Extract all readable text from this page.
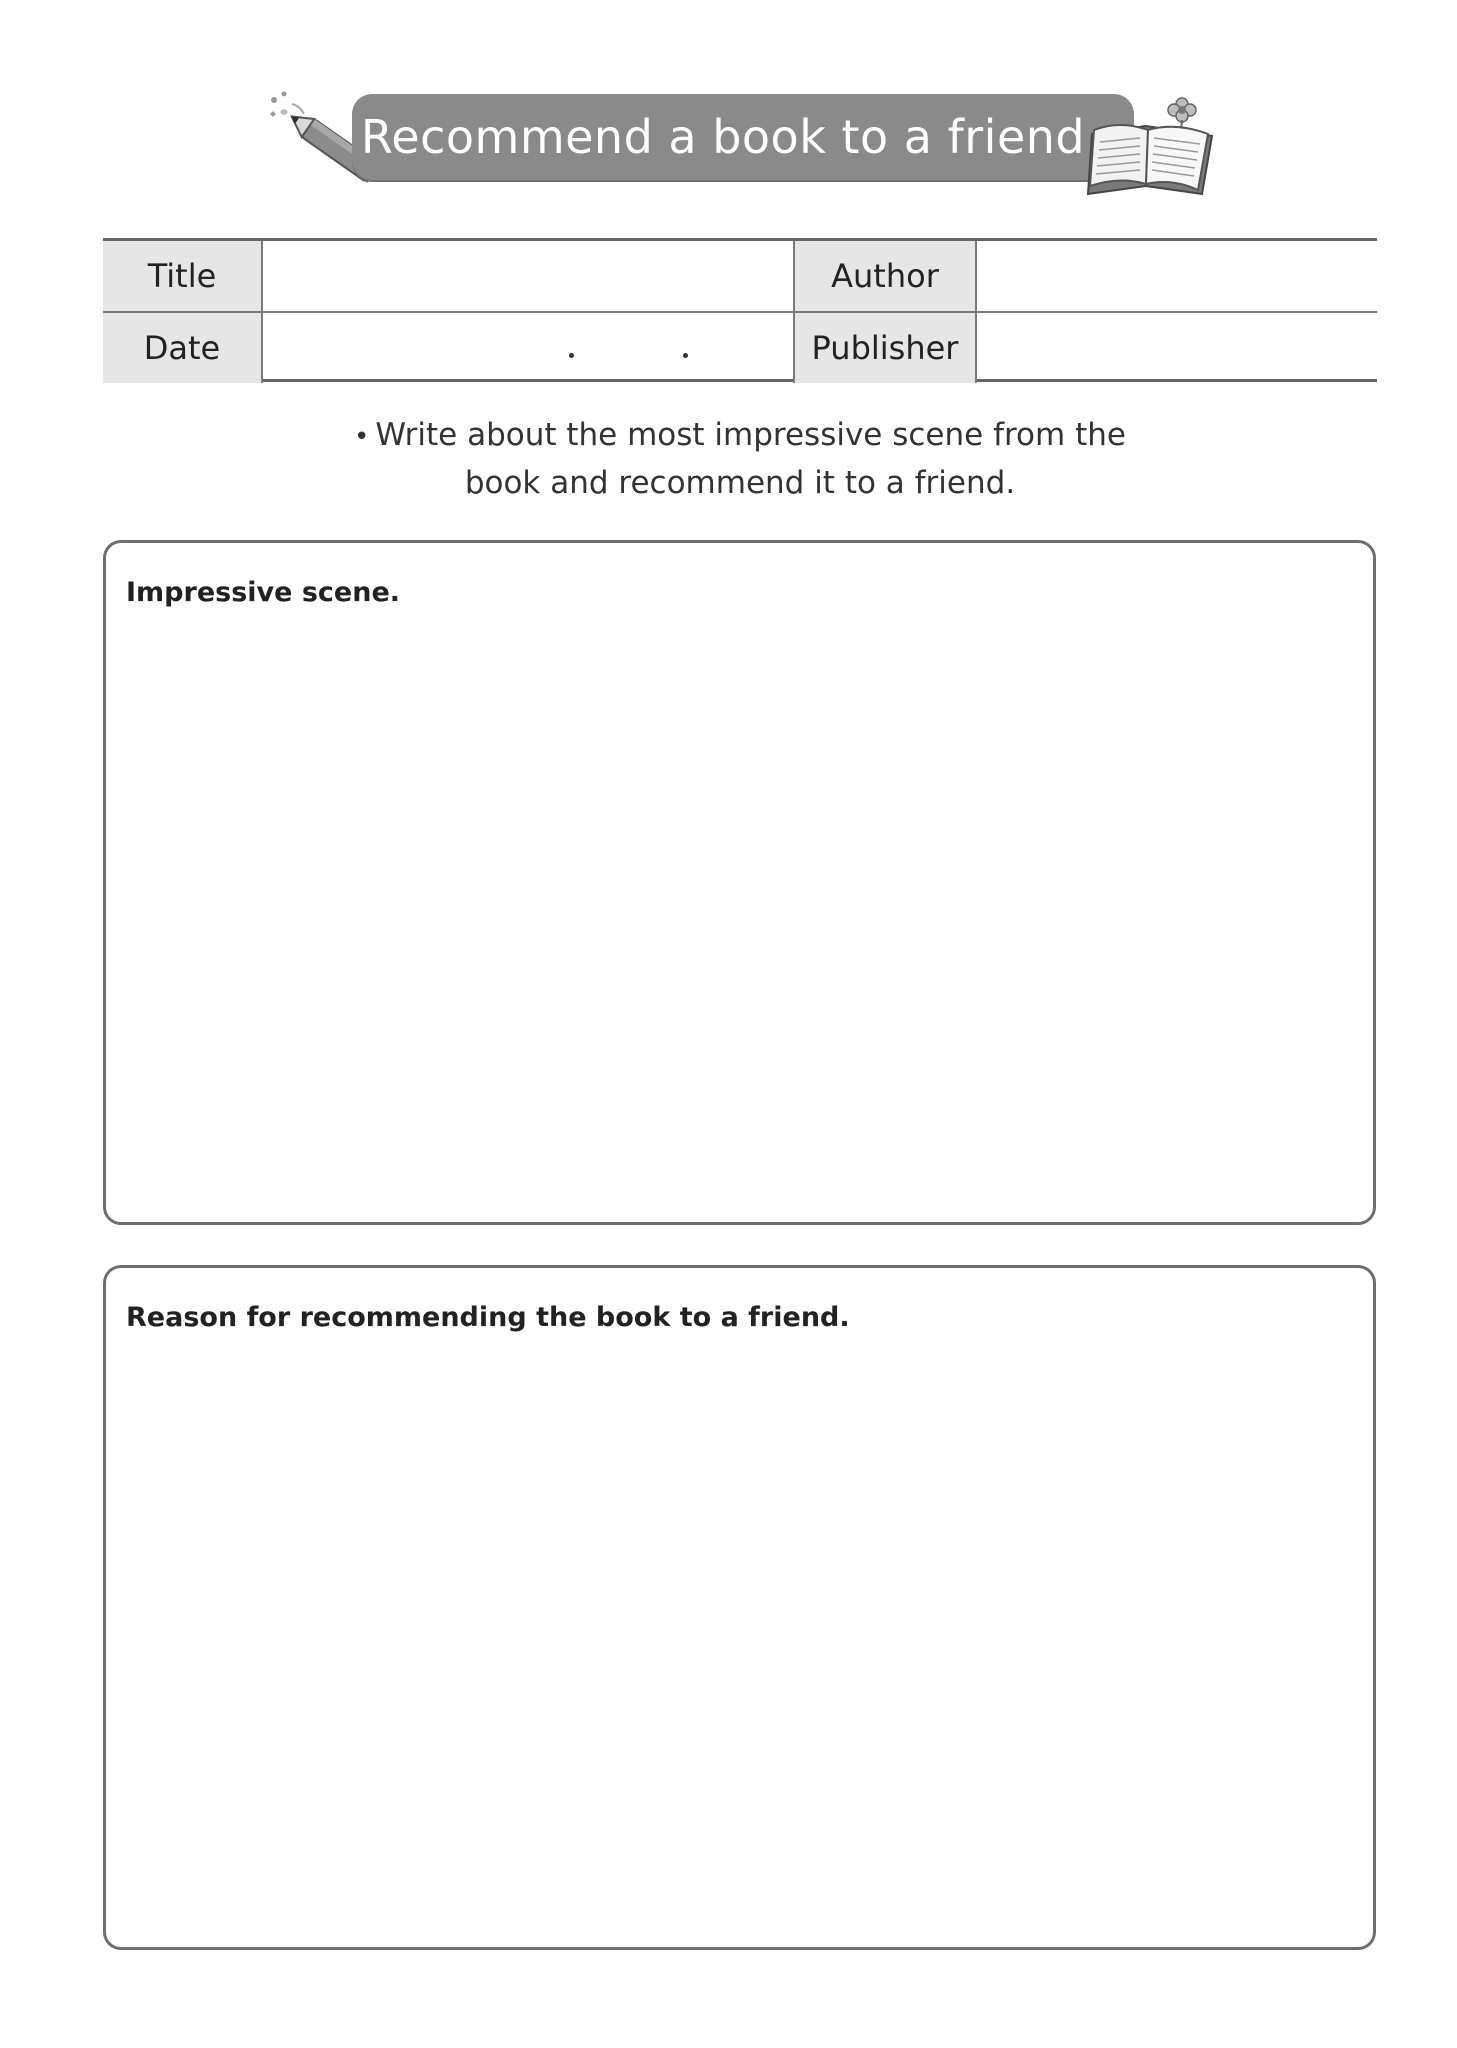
Recommend a book to a friend
Title	Author
Date	Publisher
• Write about the most impressive scene from the
book and recommend it to a friend.
Impressive scene.
Reason for recommending the book to a friend.
